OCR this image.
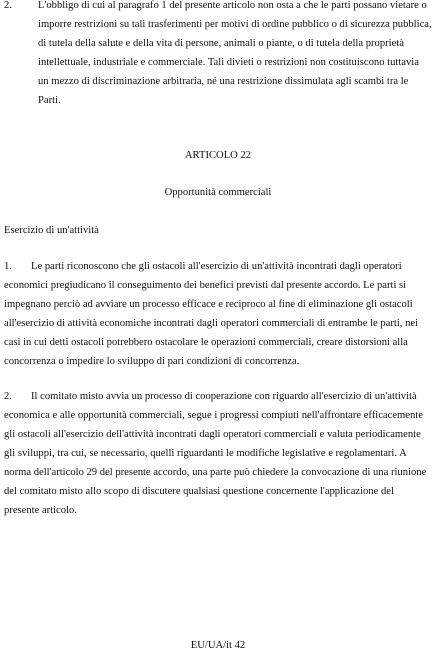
2. L'obbligo di cui al paragrafo 1 del presente articolo non osta a che le parti possano vietare o
imporre restrizioni su tali trasferimenti per motivi di ordine pubblico o di sicurezza pubblica,
di tutela della salute e della vita di persone, animali o piante, o di tutela della proprietà
intellettuale, industriale e commerciale. Tali divieti o restrizioni non costituiscono tuttavia
un mezzo di discriminazione arbitraria, né una restrizione dissimulata agli scambi tra le
Parti.
ARTICOLO 22
Opportunità commerciali
Esercizio di un'attività
1. Le parti riconoscono che gli ostacoli all'esercizio di un'attività incontrati dagli operatori
economici pregiudicano il conseguimento dei benefici previsti dal presente accordo. Le parti si
impegnano perciò ad avviare un processo efficace e reciproco al fine di eliminazione gli ostacoli
all'esercizio di attività economiche incontrati dagli operatori commerciali di entrambe le parti, nei
casi in cui detti ostacoli potrebbero ostacolare le operazioni commerciali, creare distorsioni alla
concorrenza o impedire lo sviluppo di pari condizioni di concorrenza.
2. Il comitato misto avvia un processo di cooperazione con riguardo all'esercizio di un'attività
economica e alle opportunità commerciali, segue i progressi compiuti nell'affrontare efficacemente
gli ostacoli all'esercizio dell'attività incontrati dagli operatori commerciali e valuta periodicamente
gli sviluppi, tra cui, se necessario, quelli riguardanti le modifiche legislative e regolamentari. A
norma dell'articolo 29 del presente accordo, una parte può chiedere la convocazione di una riunione
del comitato misto allo scopo di discutere qualsiasi questione concernente l'applicazione del
presente articolo.
EU/UA/it 42
